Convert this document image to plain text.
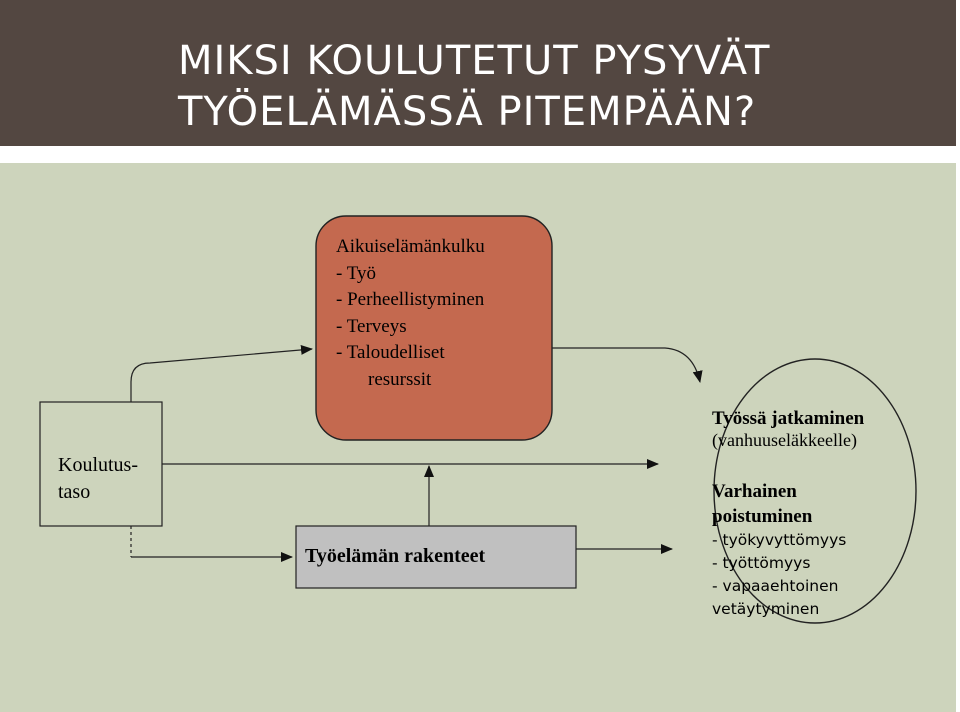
MIKSI KOULUTETUT PYSYVÄT
TYÖELÄMÄSSÄ PITEMPÄÄN?
Koulutus-
taso
Aikuiselämänkulku
- Työ
- Perheellistyminen
- Terveys
- Taloudelliset
resurssit
Työelämän rakenteet
Työssä jatkaminen
(vanhuuseläkkeelle)
Varhainen
poistuminen
- työkyvyttömyys
- työttömyys
- vapaaehtoinen
vetäytyminen
